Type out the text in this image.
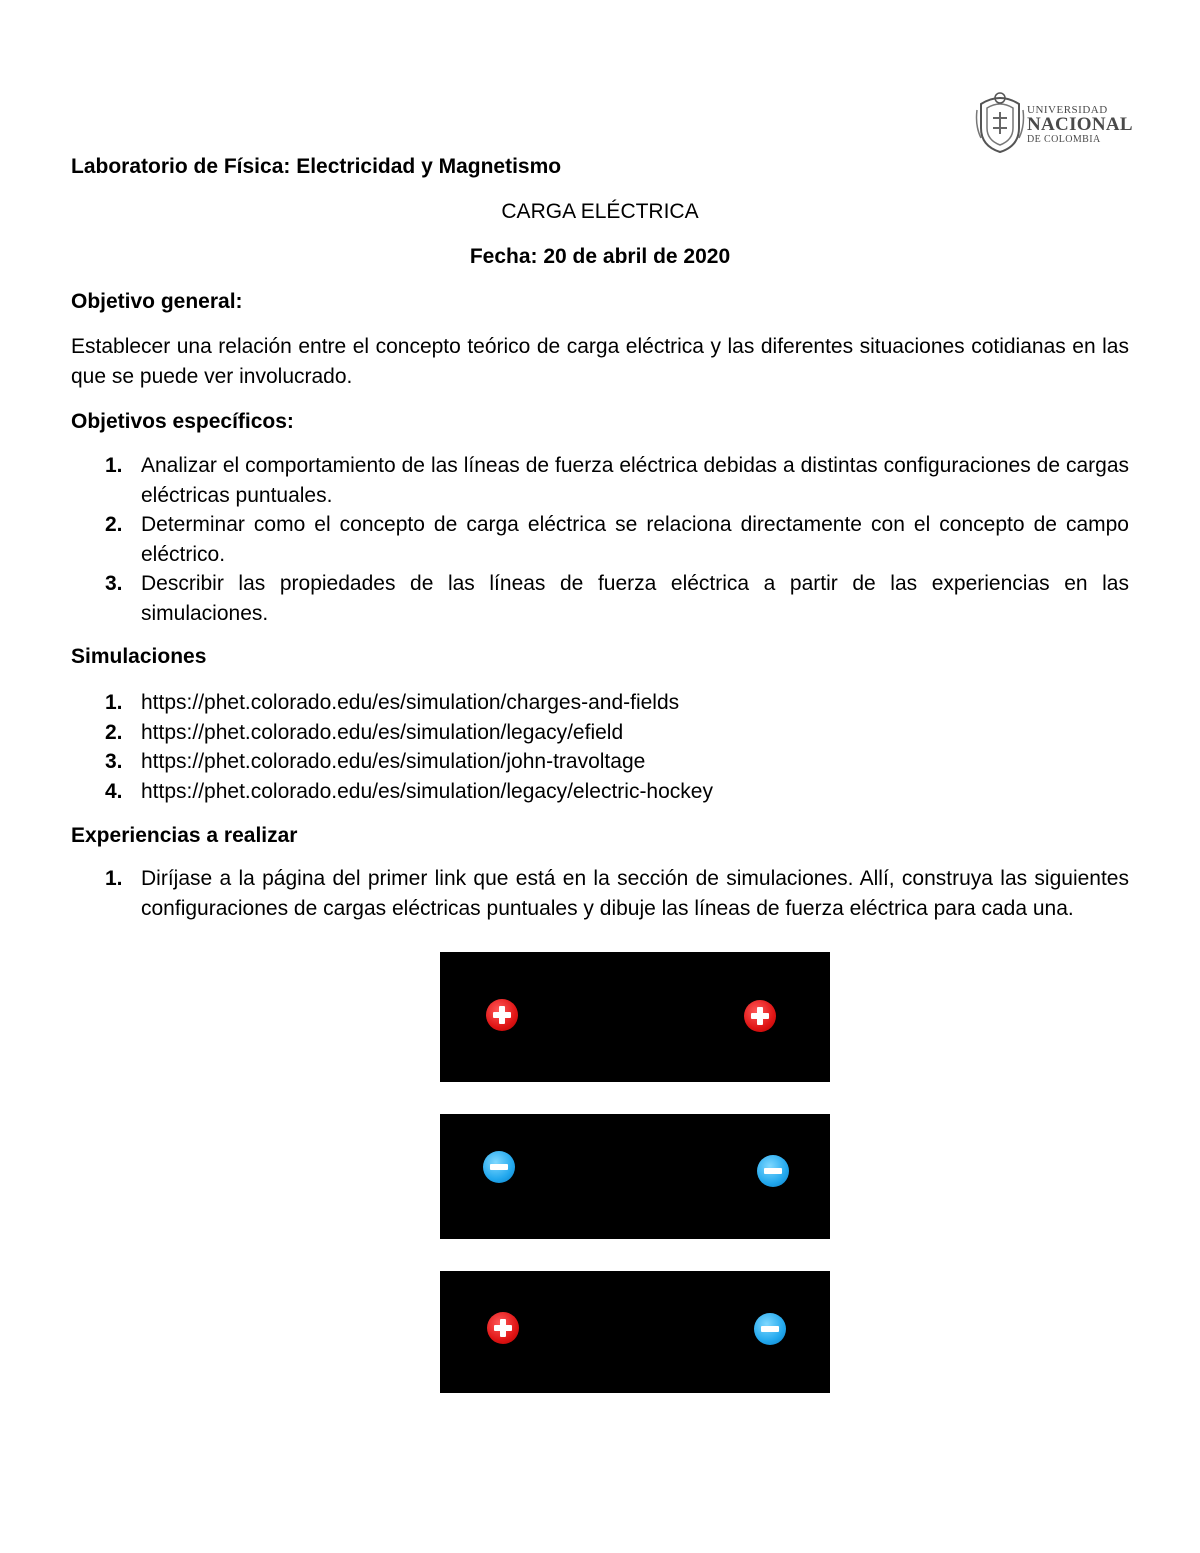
UNIVERSIDAD
NACIONAL
DE COLOMBIA
Laboratorio de Física: Electricidad y Magnetismo
CARGA ELÉCTRICA
Fecha: 20 de abril de 2020
Objetivo general:
Establecer una relación entre el concepto teórico de carga eléctrica y las diferentes situaciones cotidianas en las que se puede ver involucrado.
Objetivos específicos:
1. Analizar el comportamiento de las líneas de fuerza eléctrica debidas a distintas configuraciones de cargas eléctricas puntuales.
2. Determinar como el concepto de carga eléctrica se relaciona directamente con el concepto de campo eléctrico.
3. Describir las propiedades de las líneas de fuerza eléctrica a partir de las experiencias en las simulaciones.
Simulaciones
1. https://phet.colorado.edu/es/simulation/charges-and-fields
2. https://phet.colorado.edu/es/simulation/legacy/efield
3. https://phet.colorado.edu/es/simulation/john-travoltage
4. https://phet.colorado.edu/es/simulation/legacy/electric-hockey
Experiencias a realizar
1. Diríjase a la página del primer link que está en la sección de simulaciones. Allí, construya las siguientes configuraciones de cargas eléctricas puntuales y dibuje las líneas de fuerza eléctrica para cada una.
